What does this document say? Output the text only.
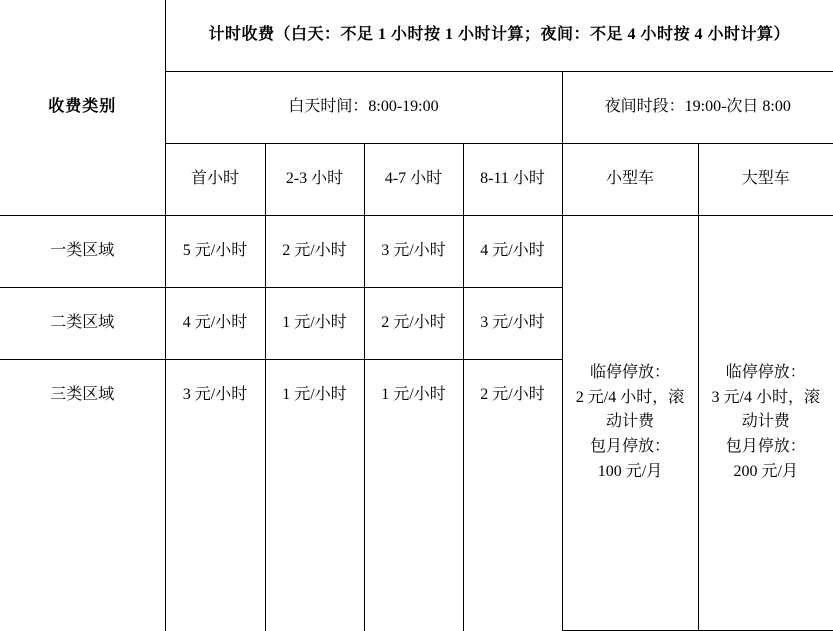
收费类别	计时收费（白天：不足 1 小时按 1 小时计算；夜间：不足 4 小时按 4 小时计算）					
	白天时间：8:00-19:00				夜间时段：19:00-次日 8:00	
	首小时	2-3 小时	4-7 小时	8-11 小时	小型车	大型车
一类区域	5 元/小时	2 元/小时	3 元/小时	4 元/小时	临停停放：
2 元/4 小时，滚
动计费
包月停放：
100 元/月	临停停放：
3 元/4 小时，滚
动计费
包月停放：
200 元/月

二类区域	4 元/小时	1 元/小时	2 元/小时	3 元/小时		
三类区域	3 元/小时	1 元/小时	1 元/小时	2 元/小时		
